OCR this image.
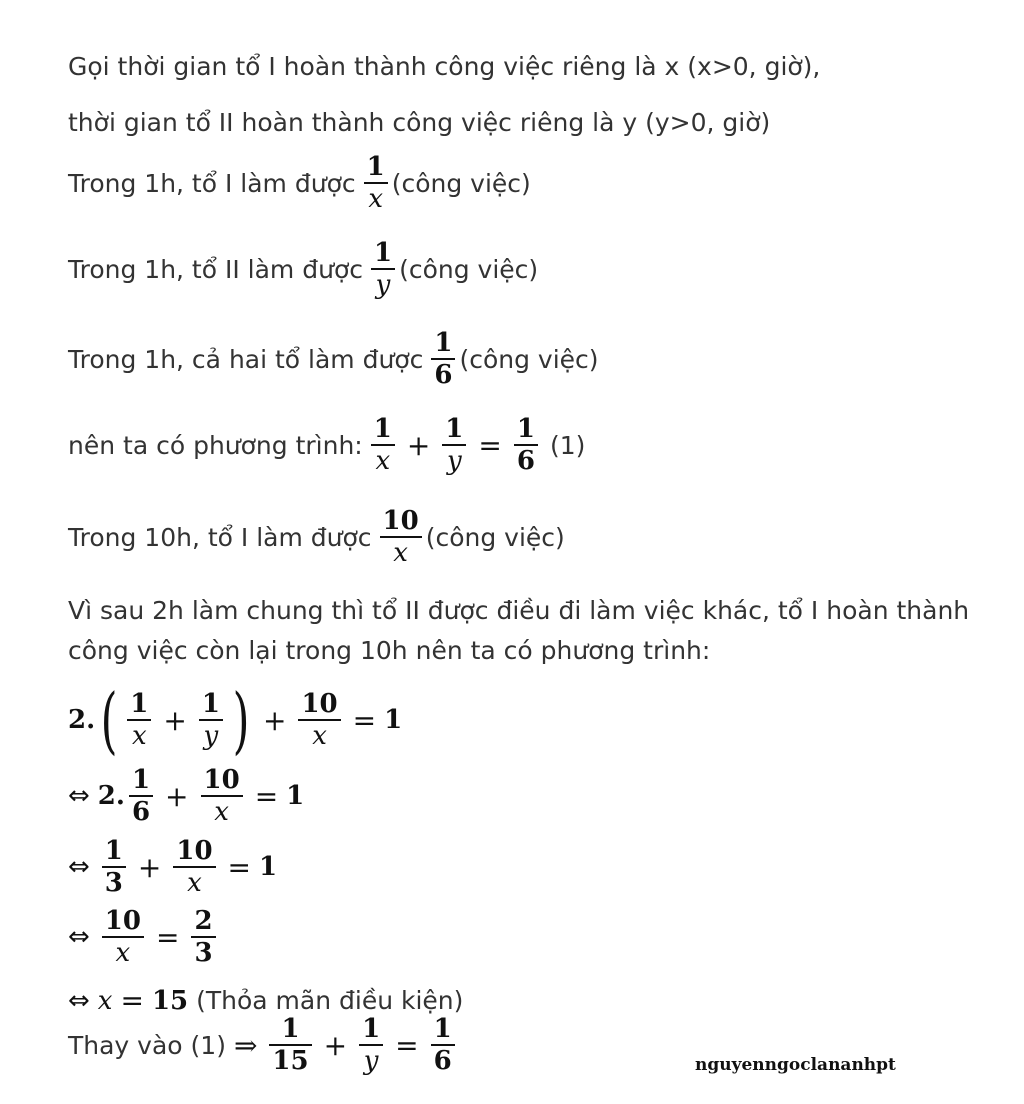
Gọi thời gian tổ I hoàn thành công việc riêng là x (x>0, giờ),
thời gian tổ II hoàn thành công việc riêng là y (y>0, giờ)
Trong 1h, tổ I làm được $\frac{1}{x}$ (công việc)
Trong 1h, tổ II làm được $\frac{1}{y}$ (công việc)
Trong 1h, cả hai tổ làm được $\frac{1}{6}$ (công việc)
nên ta có phương trình: $\frac{1}{x} + \frac{1}{y} = \frac{1}{6} (1)$
Trong 10h, tổ I làm được $\frac{10}{x}$ (công việc)
Vì sau 2h làm chung thì tổ II được điều đi làm việc khác, tổ I hoàn thành
công việc còn lại trong 10h nên ta có phương trình:
2. ( $\frac{1}{x} + \frac{1}{y}$ ) + $\frac{10}{x} = 1$
⇔ 2. $\frac{1}{6} + \frac{10}{x} = 1$
⇔ $\frac{1}{3} + \frac{10}{x} = 1$
⇔ $\frac{10}{x} = \frac{2}{3}$
⇔ x = 15 (Thỏa mãn điều kiện)
Thay vào (1) ⇒ $\frac{1}{15} + \frac{1}{y} = \frac{1}{6}$	nguyenngoclananhpt
